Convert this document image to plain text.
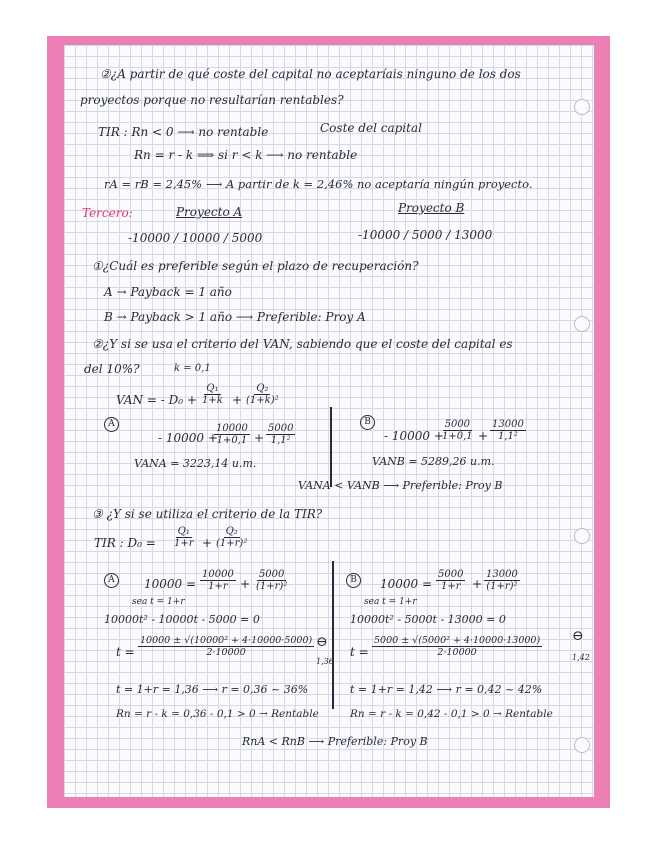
②¿A partir de qué coste del capital no aceptaríais ninguno de los dos
proyectos porque no resultarían rentables?
TIR : Rn < 0 ⟶ no rentable	Coste del capital
Rn = r - k ⟹ si r < k ⟶ no rentable
rA = rB = 2,45% ⟶ A partir de k = 2,46% no aceptaría ningún proyecto.
Tercero:	Proyecto A	Proyecto B
-10000 / 10000 / 5000	-10000 / 5000 / 13000
①¿Cuál es preferible según el plazo de recuperación?
A → Payback = 1 año
B → Payback > 1 año ⟶ Preferible: Proy A
②¿Y si se usa el criterio del VAN, sabiendo que el coste del capital es
del 10%?	k = 0,1
VAN = - $D_0 + \frac{\text{Q₁}}{1+k} + \frac{\text{Q₂}}{\text{(1+k)²}}$
A
- 10000 +
$\frac{10000}{1+0,1} + \frac{5000}{\text{1,1²}}$
B
- 10000 +
$\frac{5000}{1+0,1} + \frac{13000}{\text{1,1²}}$
VANA = 3223,14 u.m.	VANB = 5289,26 u.m.
VANA < VANB ⟶ Preferible: Proy B
③ ¿Y si se utiliza el criterio de la TIR?
TIR : $D_0 = \frac{\text{Q₁}}{1+r} + \frac{\text{Q₂}}{\text{(1+r)²}}$
A	$10000 = \frac{10000}{1+r} + \frac{5000}{\text{(1+r)²}}$
sea t = 1+r
10000t² - 10000t - 5000 = 0
$t = \frac{\text{10000 ± √(10000² + 4·10000·5000)}}{2\cdot 10000}$ ⊖
1,36
t = 1+r = 1,36 ⟶ r = 0,36 ~ 36%
Rn = r - k = 0,36 - 0,1 > 0 → Rentable
B	$10000 = \frac{5000}{1+r} + \frac{13000}{\text{(1+r)²}}$
sea t = 1+r
10000t² - 5000t - 13000 = 0
$t = \frac{\text{5000 ± √(5000² + 4·10000·13000)}}{2\cdot 10000}$ ⊖
1,42
t = 1+r = 1,42 ⟶ r = 0,42 ~ 42%
Rn = r - k = 0,42 - 0,1 > 0 → Rentable
RnA < RnB ⟶ Preferible: Proy B
